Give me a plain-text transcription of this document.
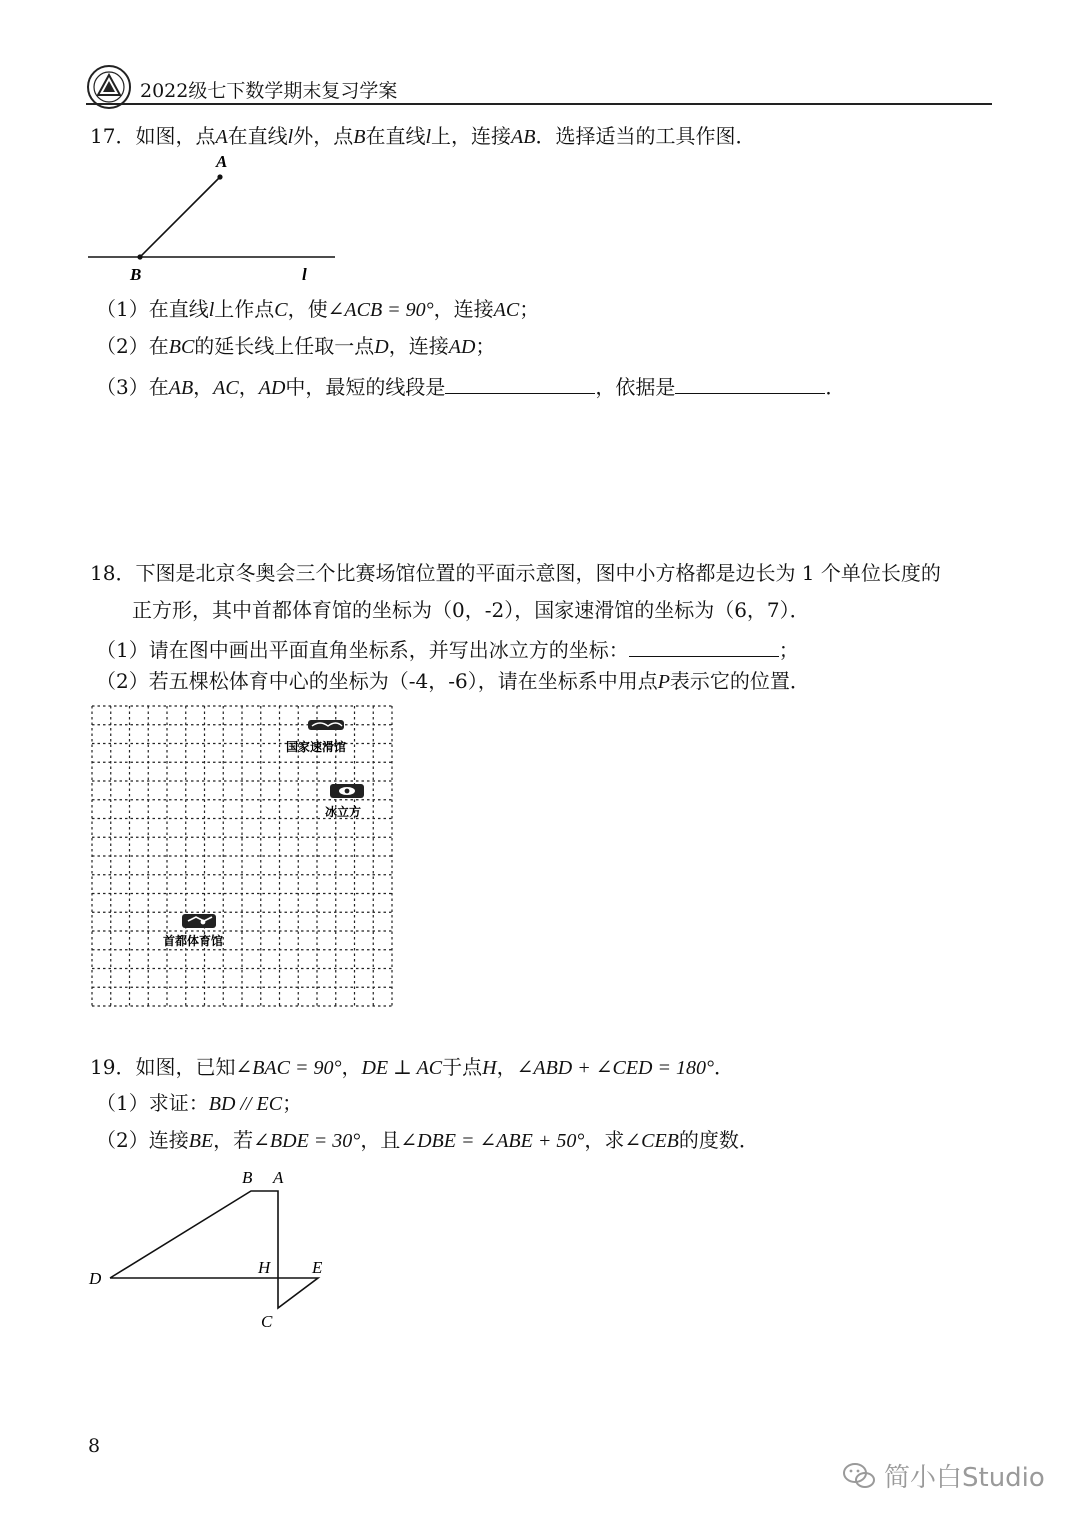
2022级七下数学期末复习学案
17．如图，点A在直线l外，点B在直线l上，连接AB．选择适当的工具作图．
A
B	l
（1）在直线l上作点C，使∠ACB = 90°，连接AC；
（2）在BC的延长线上任取一点D，连接AD；
（3）在AB，AC，AD中，最短的线段是	，依据是	．
18．下图是北京冬奥会三个比赛场馆位置的平面示意图，图中小方格都是边长为 1 个单位长度的
正方形，其中首都体育馆的坐标为（0，-2），国家速滑馆的坐标为（6，7）．
（1）请在图中画出平面直角坐标系，并写出冰立方的坐标：	；
（2）若五棵松体育中心的坐标为（-4，-6），请在坐标系中用点P表示它的位置．
国家速滑馆
冰立方
首都体育馆
19．如图，已知∠BAC = 90°，DE ⊥ AC于点H，∠ABD + ∠CED = 180°．
（1）求证：BD // EC；
（2）连接BE，若∠BDE = 30°，且∠DBE = ∠ABE + 50°，求∠CEB的度数．
B A
H E
D
C
8
简小白Studio
